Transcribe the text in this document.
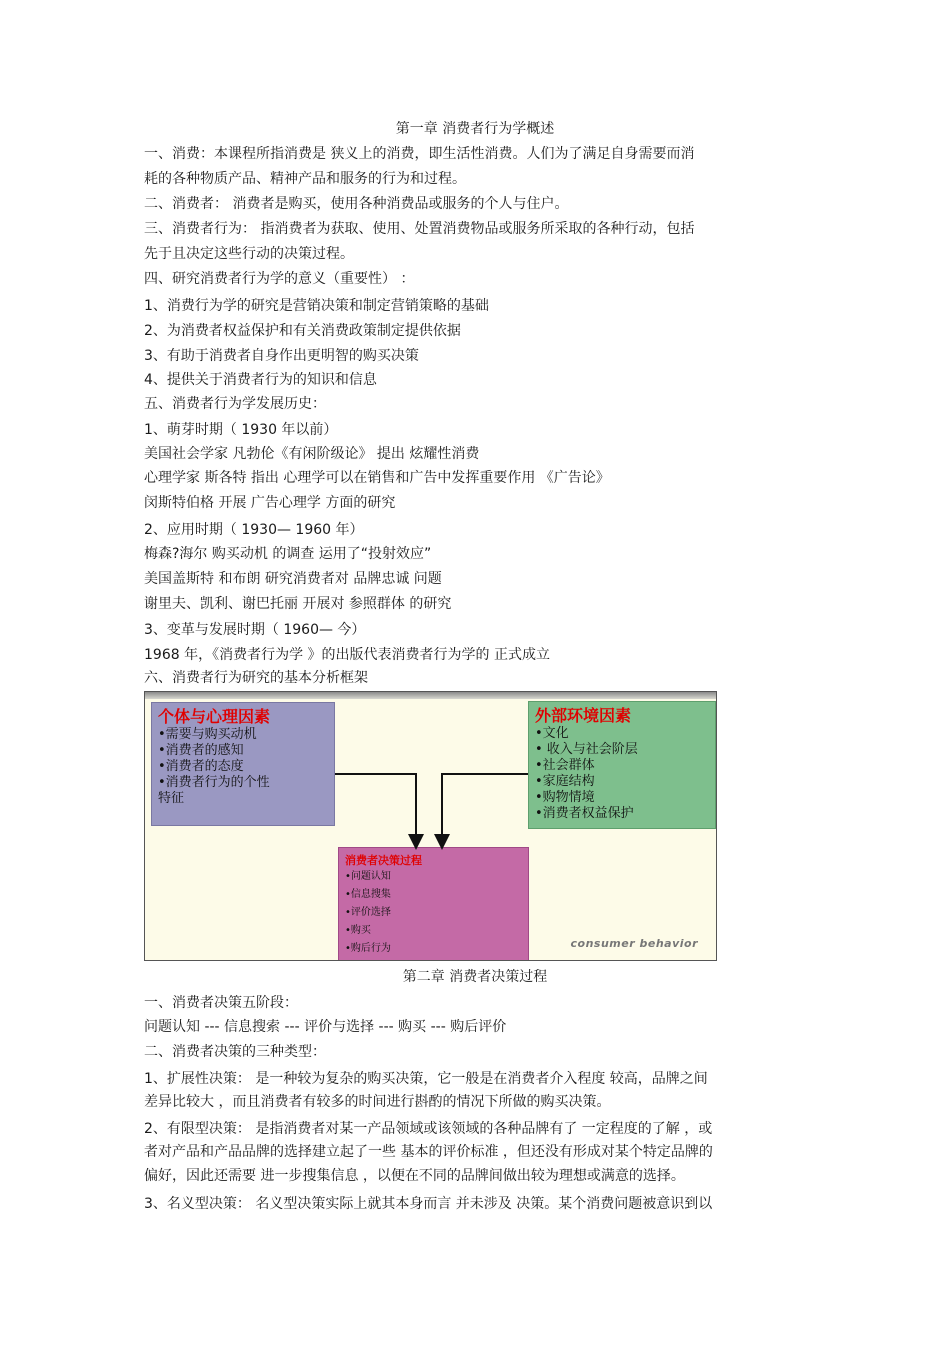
第一章 消费者行为学概述
一、消费：本课程所指消费是 狭义上的消费，即生活性消费。人们为了满足自身需要而消
耗的各种物质产品、精神产品和服务的行为和过程。
二、消费者： 消费者是购买，使用各种消费品或服务的个人与住户。
三、消费者行为： 指消费者为获取、使用、处置消费物品或服务所采取的各种行动，包括
先于且决定这些行动的决策过程。
四、研究消费者行为学的意义（重要性） ：
1、消费行为学的研究是营销决策和制定营销策略的基础
2、为消费者权益保护和有关消费政策制定提供依据
3、有助于消费者自身作出更明智的购买决策
4、提供关于消费者行为的知识和信息
五、消费者行为学发展历史：
1、萌芽时期（ 1930 年以前）
美国社会学家 凡勃伦《有闲阶级论》 提出 炫耀性消费
心理学家 斯各特 指出 心理学可以在销售和广告中发挥重要作用 《广告论》
闵斯特伯格 开展 广告心理学 方面的研究
2、应用时期（ 1930— 1960 年）
梅森?海尔 购买动机 的调查 运用了“投射效应”
美国盖斯特 和布朗 研究消费者对 品牌忠诚 问题
谢里夫、凯利、谢巴托丽 开展对 参照群体 的研究
3、变革与发展时期（ 1960— 今）
1968 年，《消费者行为学 》的出版代表消费者行为学的 正式成立
六、消费者行为研究的基本分析框架
个体与心理因素
•需要与购买动机
•消费者的感知
•消费者的态度
•消费者行为的个性
特征
外部环境因素
•文化
• 收入与社会阶层
•社会群体
•家庭结构
•购物情境
•消费者权益保护
消费者决策过程
•问题认知
•信息搜集
•评价选择
•购买
•购后行为	consumer behavior
第二章 消费者决策过程
一、消费者决策五阶段：
问题认知 --- 信息搜索 --- 评价与选择 --- 购买 --- 购后评价
二、消费者决策的三种类型：
1、扩展性决策： 是一种较为复杂的购买决策，它一般是在消费者介入程度 较高，品牌之间
差异比较大 ，而且消费者有较多的时间进行斟酌的情况下所做的购买决策。
2、有限型决策： 是指消费者对某一产品领域或该领域的各种品牌有了 一定程度的了解 ，或
者对产品和产品品牌的选择建立起了一些 基本的评价标准 ，但还没有形成对某个特定品牌的
偏好，因此还需要 进一步搜集信息 ，以便在不同的品牌间做出较为理想或满意的选择。
3、名义型决策： 名义型决策实际上就其本身而言 并未涉及 决策。某个消费问题被意识到以
